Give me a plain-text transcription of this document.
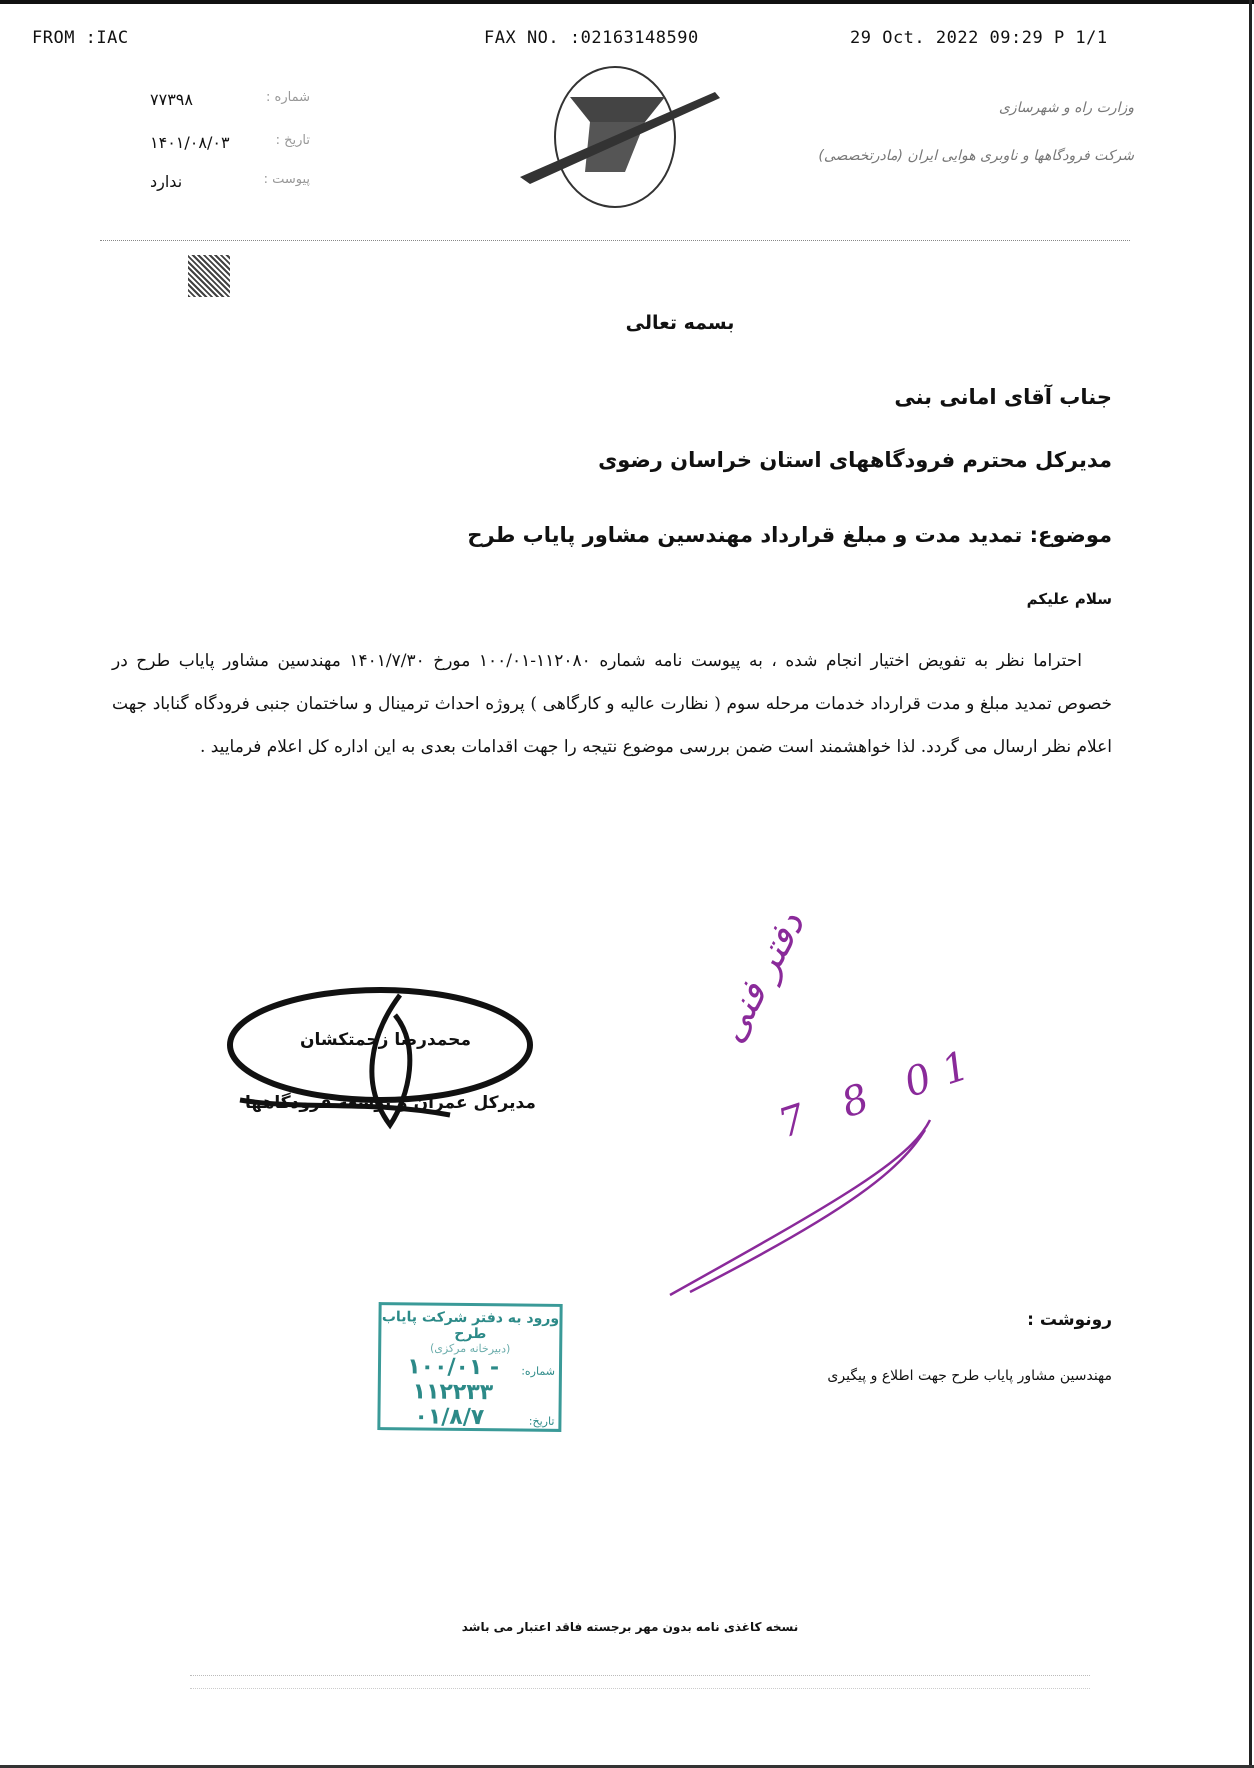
FROM :IAC	FAX NO. :02163148590	29 Oct. 2022 09:29 P 1/1
شماره :
۷۷۳۹۸
تاریخ :
۱۴۰۱/۰۸/۰۳
پیوست :
ندارد
وزارت راه و شهرسازی
شرکت فرودگاهها و ناوبری هوایی ایران (مادرتخصصی)
بسمه تعالی
جناب آقای امانی بنی
مدیرکل محترم فرودگاههای استان خراسان رضوی
موضوع: تمدید مدت و مبلغ قرارداد مهندسین مشاور پایاب طرح
سلام علیکم
احتراما نظر به تفویض اختیار انجام شده ، به پیوست نامه شماره ۱۱۲۰۸۰-۱۰۰/۰۱ مورخ ۱۴۰۱/۷/۳۰ مهندسین مشاور پایاب طرح در خصوص تمدید مبلغ و مدت قرارداد خدمات مرحله سوم ( نظارت عالیه و کارگاهی ) پروژه احداث ترمینال و ساختمان جنبی فرودگاه گناباد جهت اعلام نظر ارسال می گردد. لذا خواهشمند است ضمن بررسی موضوع نتیجه را جهت اقدامات بعدی به این اداره کل اعلام فرمایید .
محمدرضا زحمتکشان
مدیرکل عمران و توسعه فرودگاهها
دفتر فنی
7 8 01
رونوشت :
مهندسین مشاور پایاب طرح جهت اطلاع و پیگیری
ورود به دفتر شرکت پایاب طرح
(دبیرخانه مرکزی)
شماره:
۱۰۰/۰۱ - ۱۱۲۲۳۳
تاریخ:
۰۱/۸/۷
نسخه کاغذی نامه بدون مهر برجسته فاقد اعتبار می باشد
